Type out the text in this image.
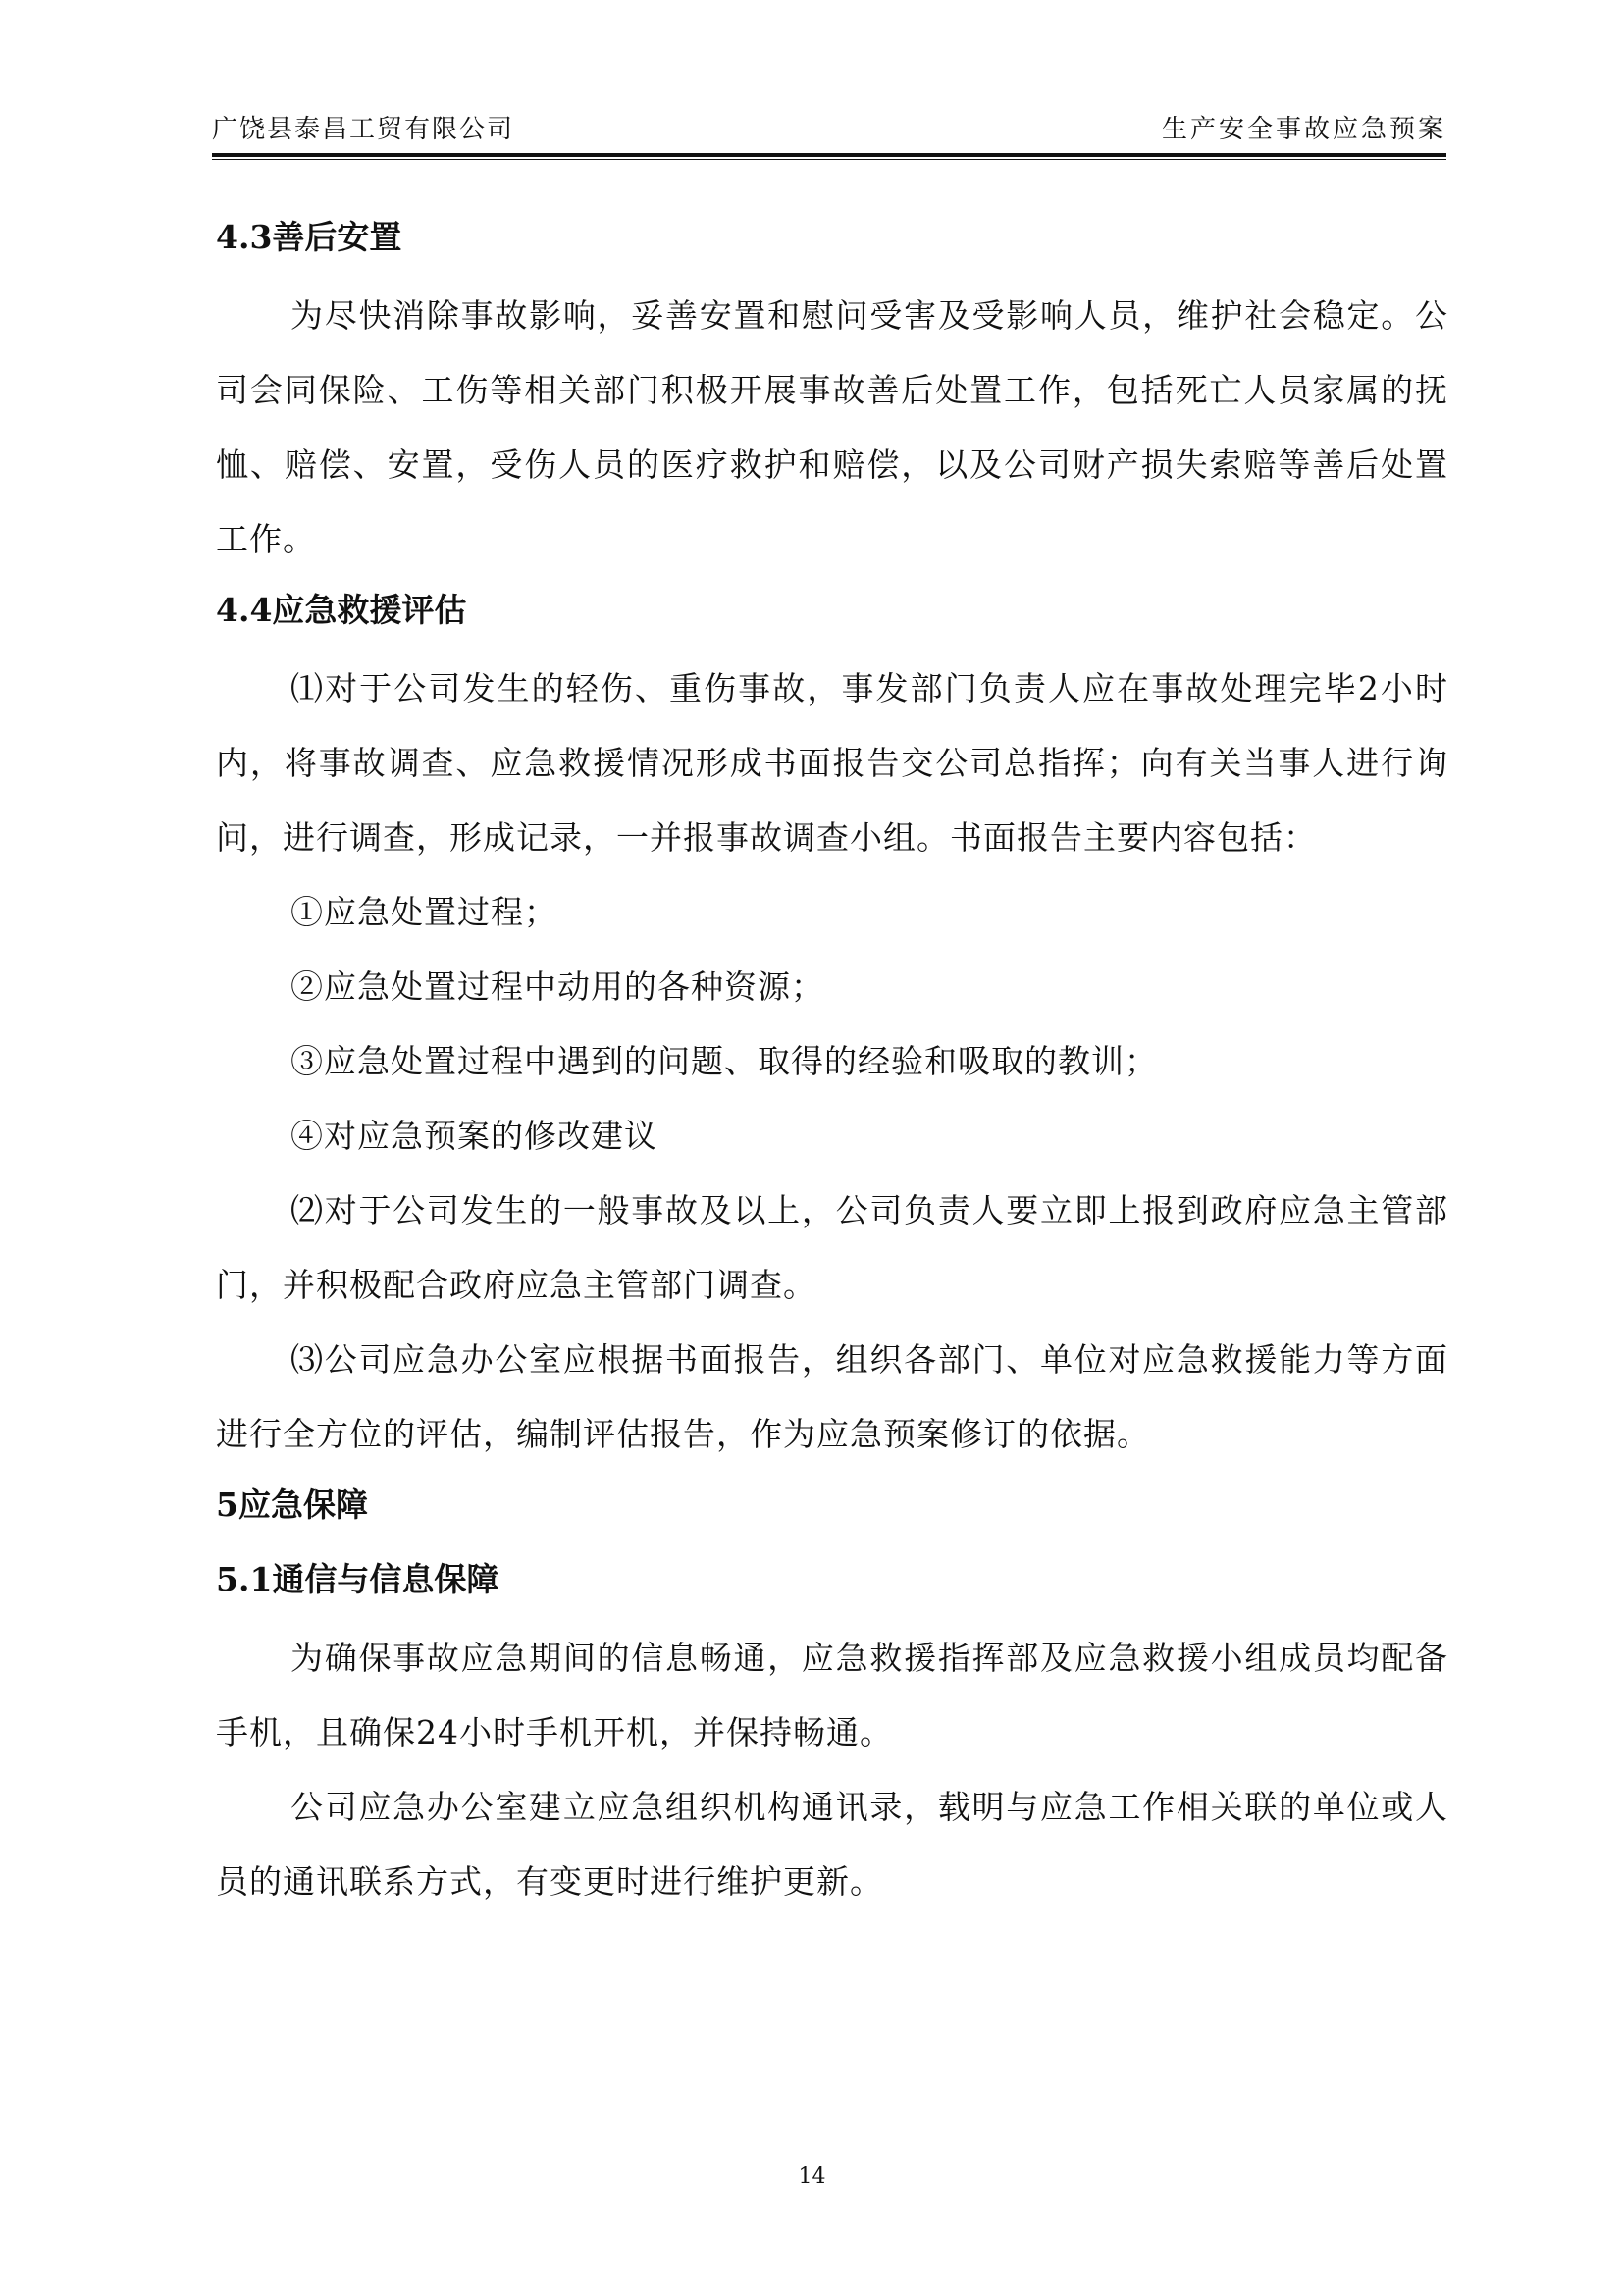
广饶县泰昌工贸有限公司	生产安全事故应急预案
4.3善后安置

为尽快消除事故影响，妥善安置和慰问受害及受影响人员，维护社会稳定。公司会同保险、工伤等相关部门积极开展事故善后处置工作，包括死亡人员家属的抚恤、赔偿、安置，受伤人员的医疗救护和赔偿，以及公司财产损失索赔等善后处置工作。

4.4应急救援评估

⑴对于公司发生的轻伤、重伤事故，事发部门负责人应在事故处理完毕2小时内，将事故调查、应急救援情况形成书面报告交公司总指挥；向有关当事人进行询问，进行调查，形成记录，一并报事故调查小组。书面报告主要内容包括：

①应急处置过程；

②应急处置过程中动用的各种资源；

③应急处置过程中遇到的问题、取得的经验和吸取的教训；

④对应急预案的修改建议

⑵对于公司发生的一般事故及以上，公司负责人要立即上报到政府应急主管部门，并积极配合政府应急主管部门调查。

⑶公司应急办公室应根据书面报告，组织各部门、单位对应急救援能力等方面进行全方位的评估，编制评估报告，作为应急预案修订的依据。

5应急保障
5.1通信与信息保障

为确保事故应急期间的信息畅通，应急救援指挥部及应急救援小组成员均配备手机，且确保24小时手机开机，并保持畅通。

公司应急办公室建立应急组织机构通讯录，载明与应急工作相关联的单位或人员的通讯联系方式，有变更时进行维护更新。

14
